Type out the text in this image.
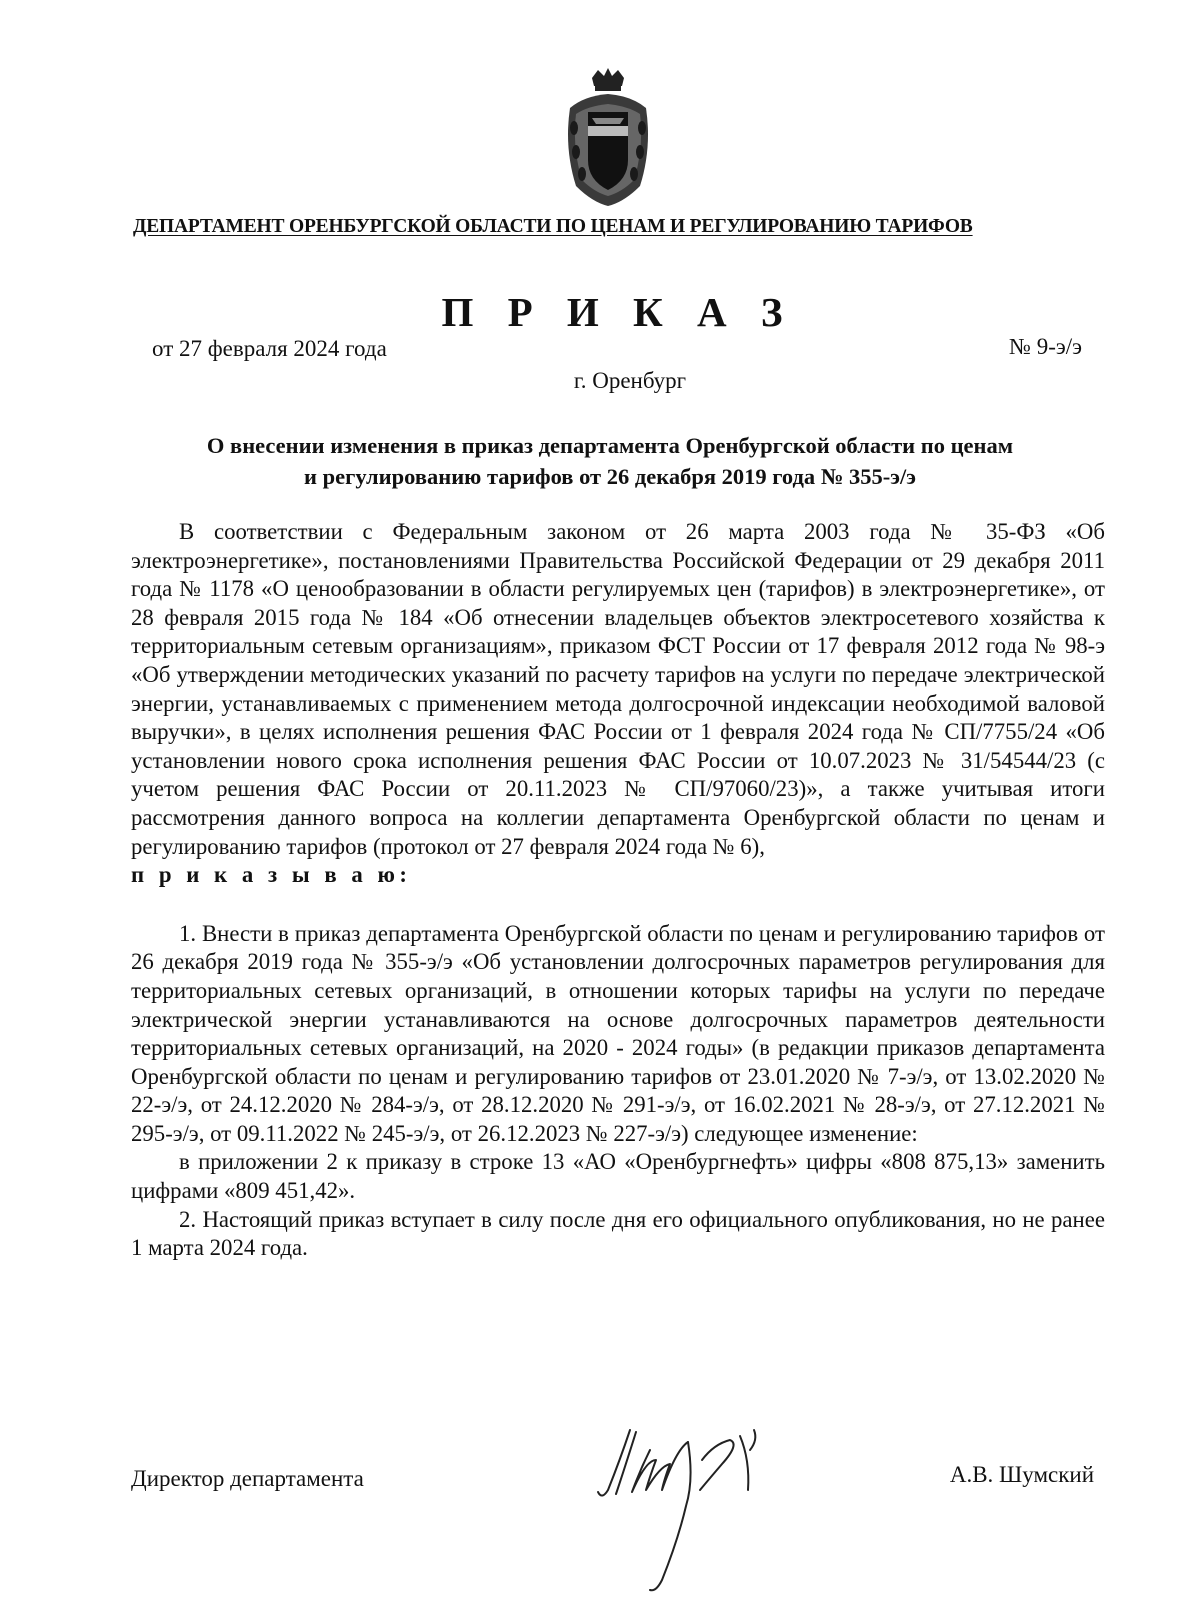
ДЕПАРТАМЕНТ ОРЕНБУРГСКОЙ ОБЛАСТИ ПО ЦЕНАМ И РЕГУЛИРОВАНИЮ ТАРИФОВ
П Р И К А З
от 27 февраля 2024 года	№ 9-э/э
г. Оренбург
О внесении изменения в приказ департамента Оренбургской области по ценам
и регулированию тарифов от 26 декабря 2019 года № 355-э/э

В соответствии с Федеральным законом от 26 марта 2003 года № 35-ФЗ «Об электроэнергетике», постановлениями Правительства Российской Федерации от 29 декабря 2011 года № 1178 «О ценообразовании в области регулируемых цен (тарифов) в электроэнергетике», от 28 февраля 2015 года № 184 «Об отнесении владельцев объектов электросетевого хозяйства к территориальным сетевым организациям», приказом ФСТ России от 17 февраля 2012 года № 98-э «Об утверждении методических указаний по расчету тарифов на услуги по передаче электрической энергии, устанавливаемых с применением метода долгосрочной индексации необходимой валовой выручки», в целях исполнения решения ФАС России от 1 февраля 2024 года № СП/7755/24 «Об установлении нового срока исполнения решения ФАС России от 10.07.2023 № 31/54544/23 (с учетом решения ФАС России от 20.11.2023 № СП/97060/23)», а также учитывая итоги рассмотрения данного вопроса на коллегии департамента Оренбургской области по ценам и регулированию тарифов (протокол от 27 февраля 2024 года № 6),
п р и к а з ы в а ю:

1. Внести в приказ департамента Оренбургской области по ценам и регулированию тарифов от 26 декабря 2019 года № 355-э/э «Об установлении долгосрочных параметров регулирования для территориальных сетевых организаций, в отношении которых тарифы на услуги по передаче электрической энергии устанавливаются на основе долгосрочных параметров деятельности территориальных сетевых организаций, на 2020 - 2024 годы» (в редакции приказов департамента Оренбургской области по ценам и регулированию тарифов от 23.01.2020 № 7-э/э, от 13.02.2020 № 22-э/э, от 24.12.2020 № 284-э/э, от 28.12.2020 № 291-э/э, от 16.02.2021 № 28-э/э, от 27.12.2021 № 295-э/э, от 09.11.2022 № 245-э/э, от 26.12.2023 № 227-э/э) следующее изменение:

в приложении 2 к приказу в строке 13 «АО «Оренбургнефть» цифры «808 875,13» заменить цифрами «809 451,42».

2. Настоящий приказ вступает в силу после дня его официального опубликования, но не ранее 1 марта 2024 года.

Директор департамента	А.В. Шумский
